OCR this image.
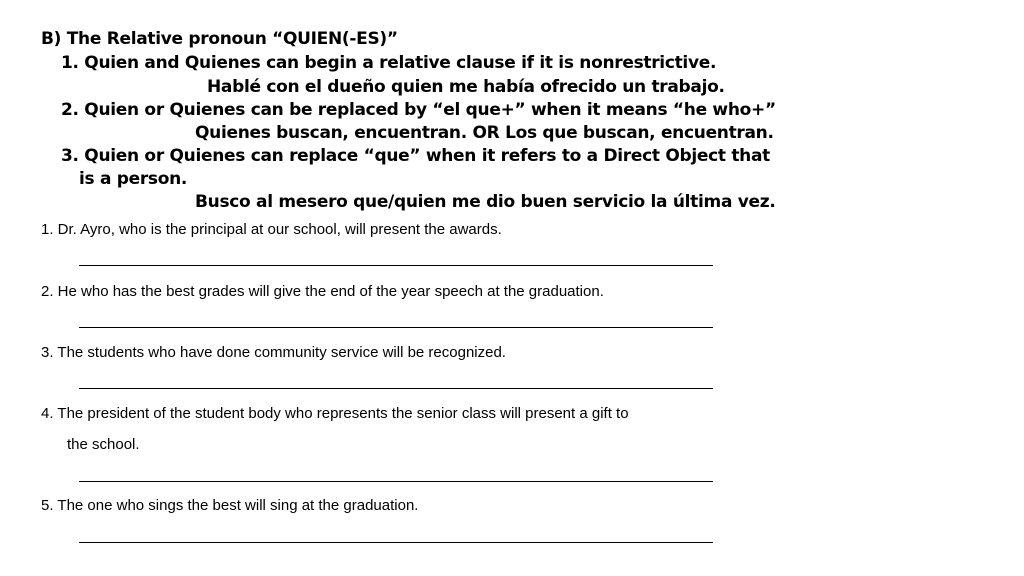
B) The Relative pronoun “QUIEN(-ES)”
1. Quien and Quienes can begin a relative clause if it is nonrestrictive.
Hablé con el dueño quien me había ofrecido un trabajo.
2. Quien or Quienes can be replaced by “el que+” when it means “he who+”
Quienes buscan, encuentran. OR Los que buscan, encuentran.
3. Quien or Quienes can replace “que” when it refers to a Direct Object that
is a person.
Busco al mesero que/quien me dio buen servicio la última vez.
1. Dr. Ayro, who is the principal at our school, will present the awards.
2. He who has the best grades will give the end of the year speech at the graduation.
3. The students who have done community service will be recognized.
4. The president of the student body who represents the senior class will present a gift to
the school.
5. The one who sings the best will sing at the graduation.
